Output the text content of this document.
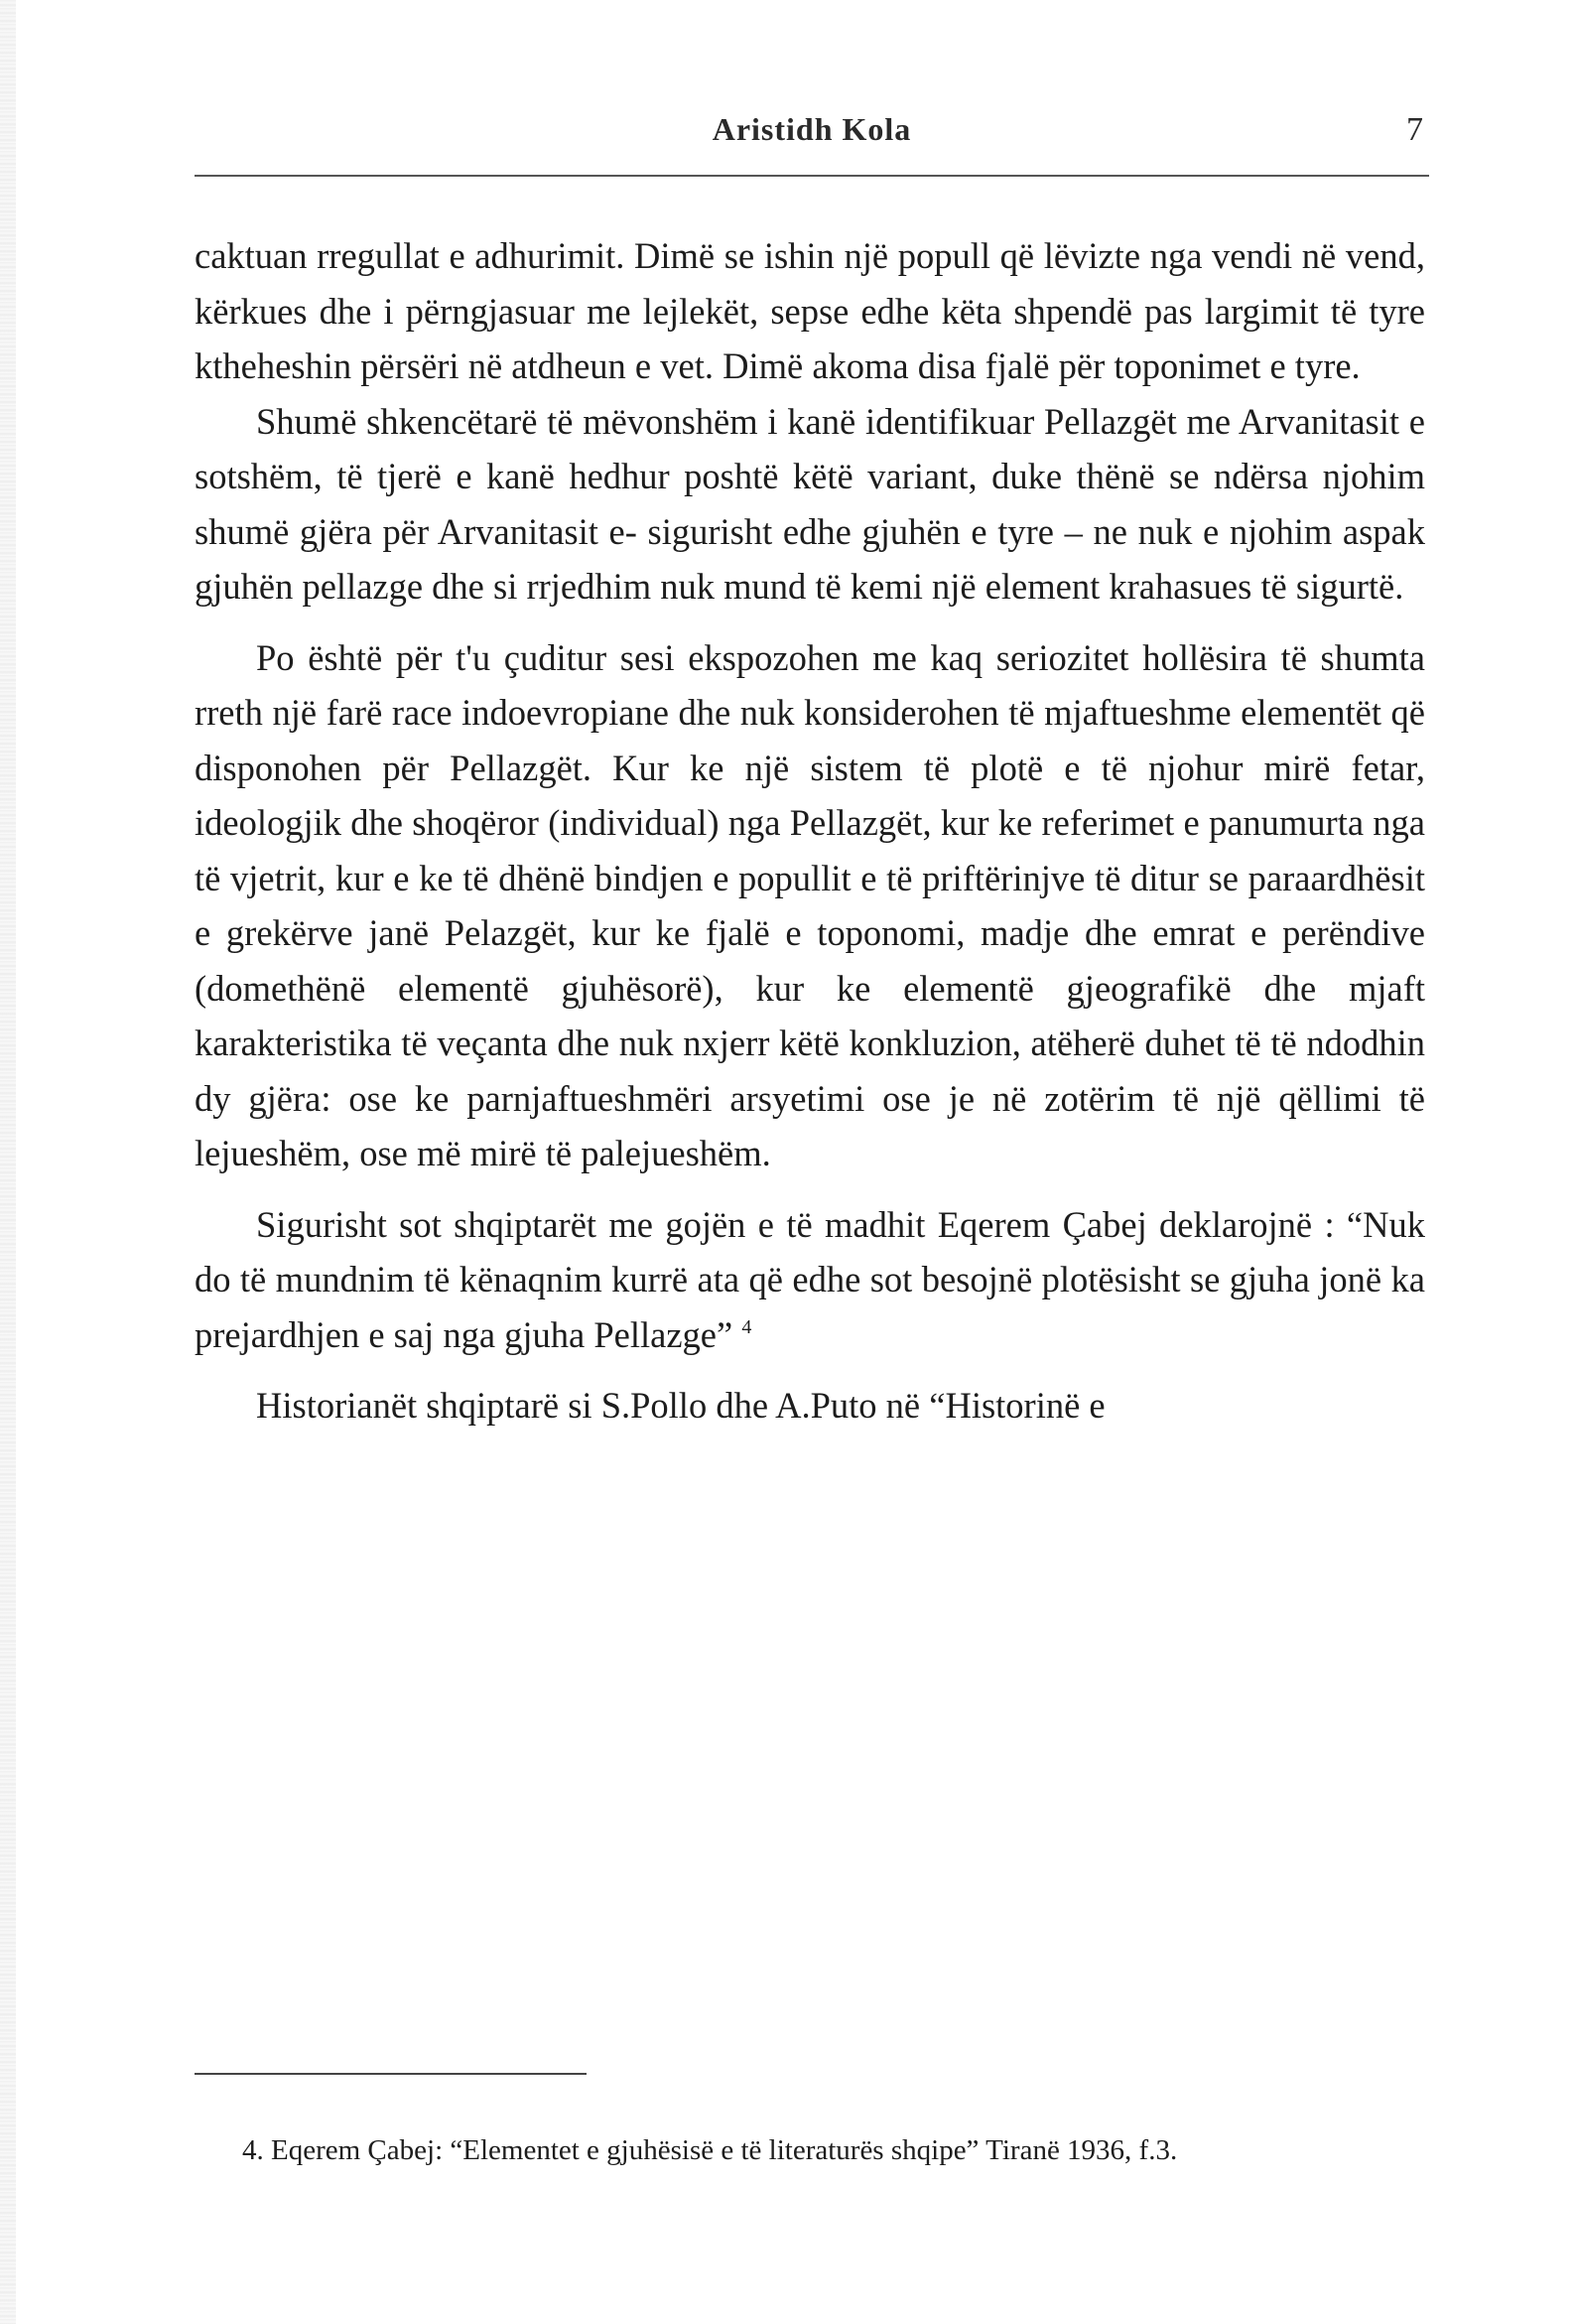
Aristidh Kola	7

caktuan rregullat e adhurimit. Dimë se ishin një popull që lëvizte nga vendi në vend, kërkues dhe i përngjasuar me lejlekët, sepse edhe këta shpendë pas largimit të tyre ktheheshin përsëri në atdheun e vet. Dimë akoma disa fjalë për toponimet e tyre.

Shumë shkencëtarë të mëvonshëm i kanë identifikuar Pellazgët me Arvanitasit e sotshëm, të tjerë e kanë hedhur poshtë këtë variant, duke thënë se ndërsa njohim shumë gjëra për Arvanitasit e- sigurisht edhe gjuhën e tyre – ne nuk e njohim aspak gjuhën pellazge dhe si rrjedhim nuk mund të kemi një element krahasues të sigurtë.

Po është për t'u çuditur sesi ekspozohen me kaq seriozitet hollësira të shumta rreth një farë race indoevropiane dhe nuk konsiderohen të mjaftueshme elementët që disponohen për Pellazgët. Kur ke një sistem të plotë e të njohur mirë fetar, ideologjik dhe shoqëror (individual) nga Pellazgët, kur ke referimet e panumurta nga të vjetrit, kur e ke të dhënë bindjen e popullit e të priftërinjve të ditur se paraardhësit e grekërve janë Pelazgët, kur ke fjalë e toponomi, madje dhe emrat e perëndive (domethënë elementë gjuhësorë), kur ke elementë gjeografikë dhe mjaft karakteristika të veçanta dhe nuk nxjerr këtë konkluzion, atëherë duhet të të ndodhin dy gjëra: ose ke parnjaftueshmëri arsyetimi ose je në zotërim të një qëllimi të lejueshëm, ose më mirë të palejueshëm.

Sigurisht sot shqiptarët me gojën e të madhit Eqerem Çabej deklarojnë : “Nuk do të mundnim të kënaqnim kurrë ata që edhe sot besojnë plotësisht se gjuha jonë ka prejardhjen e saj nga gjuha Pellazge” $^4$

Historianët shqiptarë si S.Pollo dhe A.Puto në “Historinë e

4. Eqerem Çabej: “Elementet e gjuhësisë e të literaturës shqipe” Tiranë 1936, f.3.
